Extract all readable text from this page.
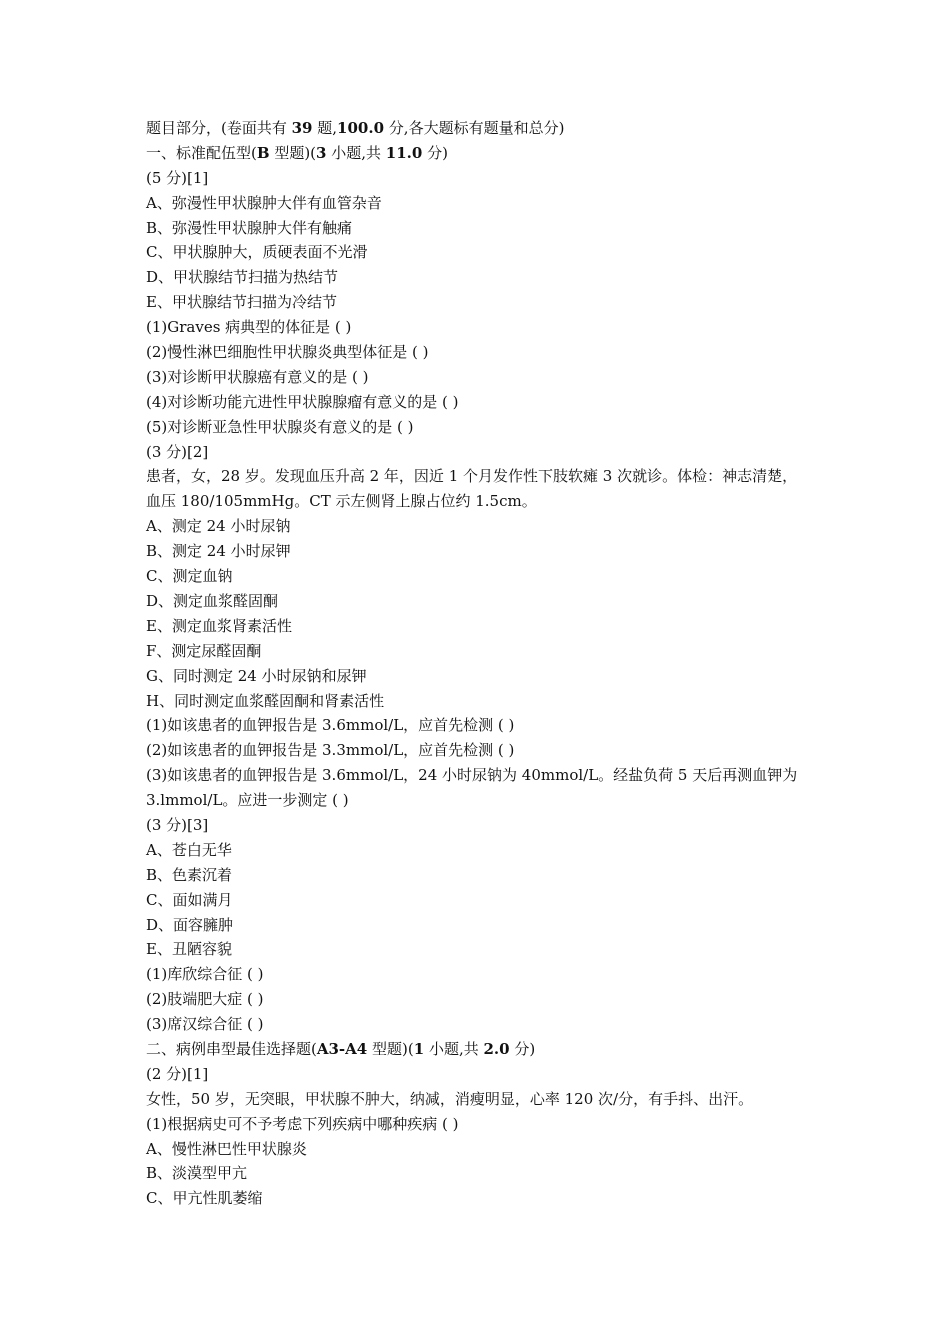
题目部分，(卷面共有 39 题,100.0 分,各大题标有题量和总分)
一、标准配伍型(B 型题)(3 小题,共 11.0 分)
(5 分)[1]
A、弥漫性甲状腺肿大伴有血管杂音
B、弥漫性甲状腺肿大伴有触痛
C、甲状腺肿大，质硬表面不光滑
D、甲状腺结节扫描为热结节
E、甲状腺结节扫描为冷结节
(1)Graves 病典型的体征是 ( )
(2)慢性淋巴细胞性甲状腺炎典型体征是 ( )
(3)对诊断甲状腺癌有意义的是 ( )
(4)对诊断功能亢进性甲状腺腺瘤有意义的是 ( )
(5)对诊断亚急性甲状腺炎有意义的是 ( )
(3 分)[2]
患者，女，28 岁。发现血压升高 2 年，因近 1 个月发作性下肢软瘫 3 次就诊。体检：神志清楚，血压 180/105mmHg。CT 示左侧肾上腺占位约 1.5cm。
A、测定 24 小时尿钠
B、测定 24 小时尿钾
C、测定血钠
D、测定血浆醛固酮
E、测定血浆肾素活性
F、测定尿醛固酮
G、同时测定 24 小时尿钠和尿钾
H、同时测定血浆醛固酮和肾素活性
(1)如该患者的血钾报告是 3.6mmol/L，应首先检测 ( )
(2)如该患者的血钾报告是 3.3mmol/L，应首先检测 ( )
(3)如该患者的血钾报告是 3.6mmol/L，24 小时尿钠为 40mmol/L。经盐负荷 5 天后再测血钾为 3.lmmol/L。应进一步测定 ( )
(3 分)[3]
A、苍白无华
B、色素沉着
C、面如满月
D、面容臃肿
E、丑陋容貌
(1)库欣综合征 ( )
(2)肢端肥大症 ( )
(3)席汉综合征 ( )
二、病例串型最佳选择题(A3-A4 型题)(1 小题,共 2.0 分)
(2 分)[1]
女性，50 岁，无突眼，甲状腺不肿大，纳减，消瘦明显，心率 120 次/分，有手抖、出汗。
(1)根据病史可不予考虑下列疾病中哪种疾病 ( )
A、慢性淋巴性甲状腺炎
B、淡漠型甲亢
C、甲亢性肌萎缩
